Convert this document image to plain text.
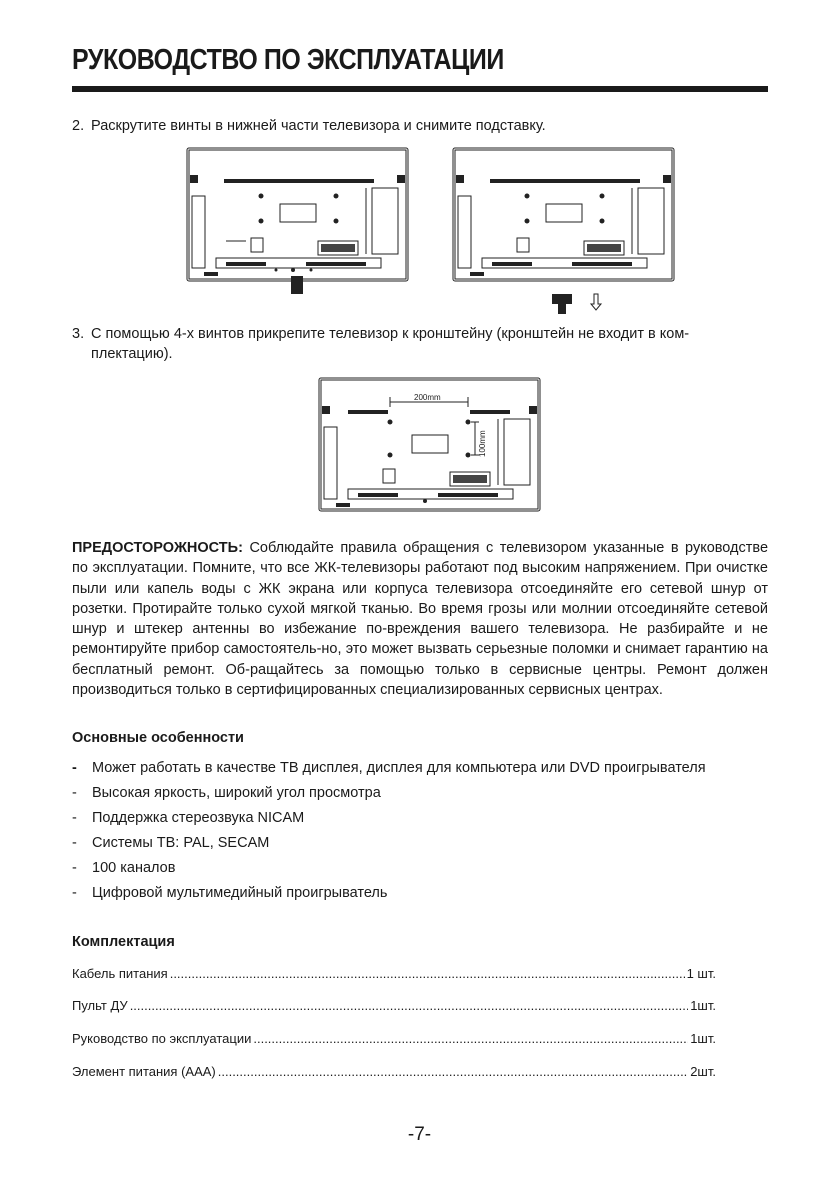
РУКОВОДСТВО ПО ЭКСПЛУАТАЦИИ
2. Раскрутите винты в нижней части телевизора и снимите подставку.
3. С помощью 4-х винтов прикрепите телевизор к кронштейну (кронштейн не входит в ком-
плектацию).
200mm
100mm
ПРЕДОСТОРОЖНОСТЬ: Соблюдайте правила обращения с телевизором указанные в руководстве по эксплуатации. Помните, что все ЖК-телевизоры работают под высоким напряжением. При очистке пыли или капель воды с ЖК экрана или корпуса телевизора отсоединяйте его сетевой шнур от розетки. Протирайте только сухой мягкой тканью. Во время грозы или молнии отсоединяйте сетевой шнур и штекер антенны во избежание по-вреждения вашего телевизора. Не разбирайте и не ремонтируйте прибор самостоятель-но, это может вызвать серьезные поломки и снимает гарантию на бесплатный ремонт. Об-ращайтесь за помощью только в сервисные центры. Ремонт должен производиться только в сертифицированных специализированных сервисных центрах.
Основные особенности
- Может работать в качестве ТВ дисплея, дисплея для компьютера или DVD проигрывателя
- Высокая яркость, широкий угол просмотра
- Поддержка стереозвука NICAM
- Системы ТВ: PAL, SECAM
- 100 каналов
- Цифровой мультимедийный проигрыватель
Комплектация
Кабель питания .....	1 шт.
Пульт ДУ .....	1шт.
Руководство по эксплуатации .....	1шт.
Элемент питания (AAA) .....	2шт.
-7-
